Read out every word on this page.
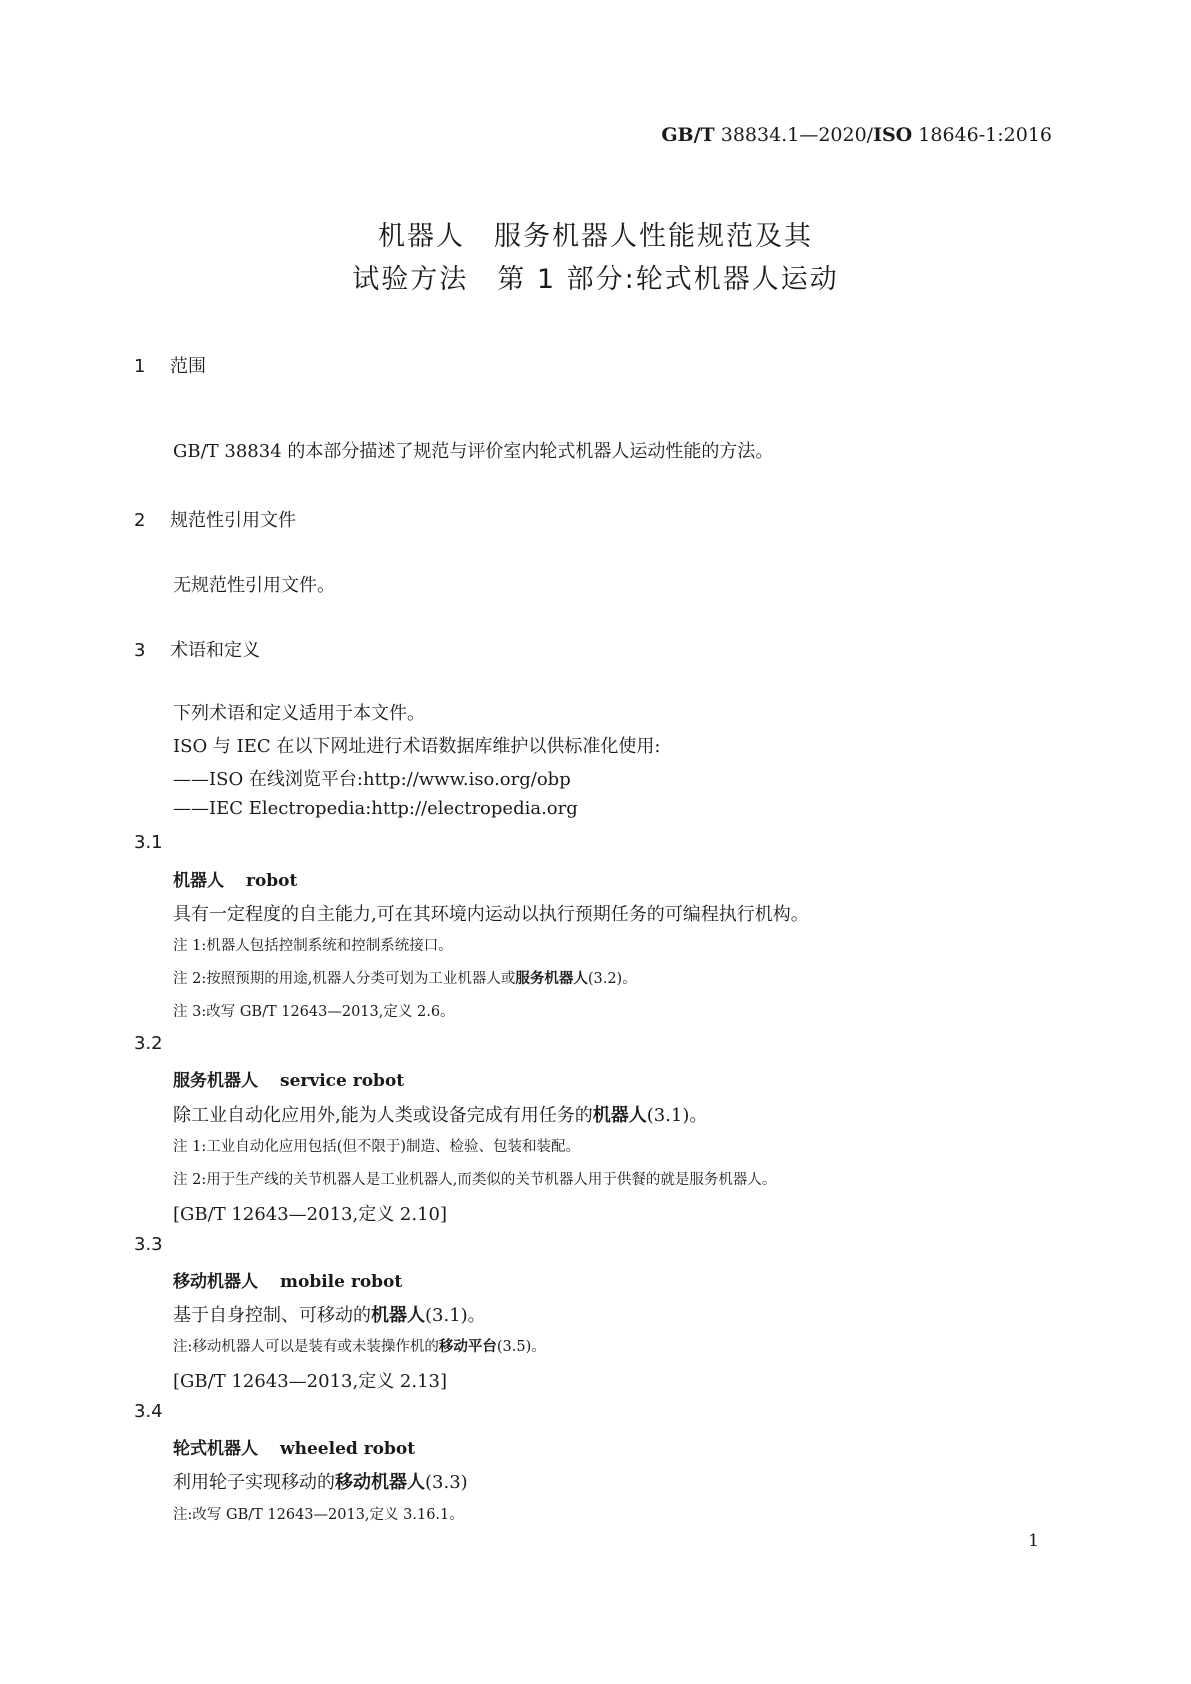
GB/T 38834.1—2020/ISO 18646-1:2016
机器人　服务机器人性能规范及其
试验方法　第 1 部分:轮式机器人运动
1 范围
GB/T 38834 的本部分描述了规范与评价室内轮式机器人运动性能的方法。
2 规范性引用文件
无规范性引用文件。
3 术语和定义
下列术语和定义适用于本文件。
ISO 与 IEC 在以下网址进行术语数据库维护以供标准化使用:
——ISO 在线浏览平台:http://www.iso.org/obp
——IEC Electropedia:http://electropedia.org
3.1
机器人 robot
具有一定程度的自主能力,可在其环境内运动以执行预期任务的可编程执行机构。
注 1:机器人包括控制系统和控制系统接口。
注 2:按照预期的用途,机器人分类可划为工业机器人或服务机器人(3.2)。
注 3:改写 GB/T 12643—2013,定义 2.6。
3.2
服务机器人 service robot
除工业自动化应用外,能为人类或设备完成有用任务的机器人(3.1)。
注 1:工业自动化应用包括(但不限于)制造、检验、包装和装配。
注 2:用于生产线的关节机器人是工业机器人,而类似的关节机器人用于供餐的就是服务机器人。
[GB/T 12643—2013,定义 2.10]
3.3
移动机器人 mobile robot
基于自身控制、可移动的机器人(3.1)。
注:移动机器人可以是装有或未装操作机的移动平台(3.5)。
[GB/T 12643—2013,定义 2.13]
3.4
轮式机器人 wheeled robot
利用轮子实现移动的移动机器人(3.3)
注:改写 GB/T 12643—2013,定义 3.16.1。
1
